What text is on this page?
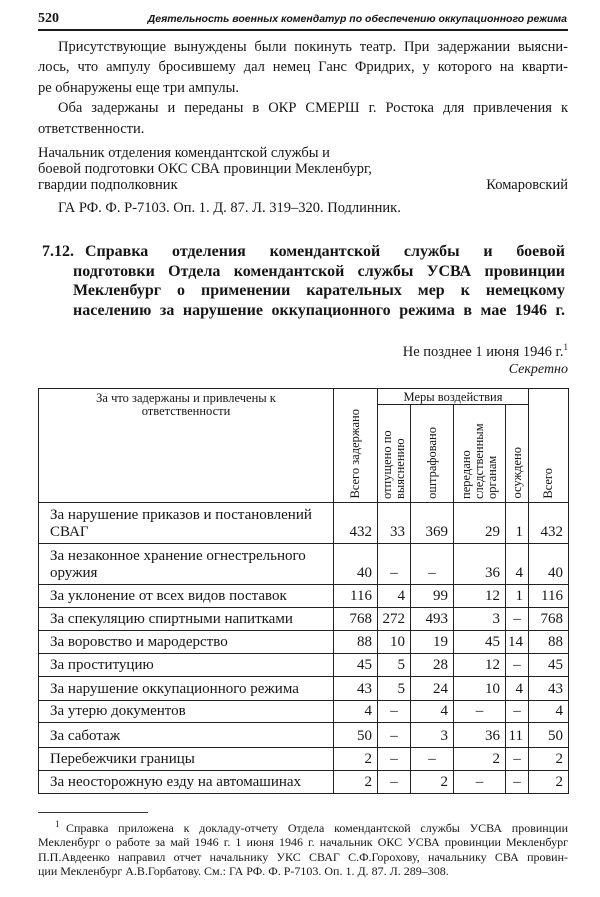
520	Деятельность военных комендатур по обеспечению оккупационного режима
Присутствующие вынуждены были покинуть театр. При задержании выясни-
лось, что ампулу бросившему дал немец Ганс Фридрих, у которого на кварти-
ре обнаружены еще три ампулы.
Оба задержаны и переданы в ОКР СМЕРШ г. Ростока для привлечения к
ответственности.
Начальник отделения комендантской службы и
боевой подготовки ОКС СВА провинции Мекленбург,
гвардии подполковник	Комаровский
ГА РФ. Ф. Р-7103. Оп. 1. Д. 87. Л. 319–320. Подлинник.
7.12. Справка отделения комендантской службы и боевой
подготовки Отдела комендантской службы УСВА провинции
Мекленбург о применении карательных мер к немецкому
населению за нарушение оккупационного режима в мае 1946 г.
Не позднее 1 июня 1946 г.$^1$
Секретно
За что задержаны и привлечены к ответственности	Всего задержано	Меры воздействия				Всего
		отпущено по выяснению	оштрафовано	передано следственным органам	осуждено	
За нарушение приказов и постановлений СВАГ	432	33	369	29	1	432
За незаконное хранение огнестрельного оружия	40	–	–	36	4	40
За уклонение от всех видов поставок	116	4	99	12	1	116
За спекуляцию спиртными напитками	768	272	493	3	–	768
За воровство и мародерство	88	10	19	45	14	88
За проституцию	45	5	28	12	–	45
За нарушение оккупационного режима	43	5	24	10	4	43
За утерю документов	4	–	4	–	–	4
За саботаж	50	–	3	36	11	50
Перебежчики границы	2	–	–	2	–	2
За неосторожную езду на автомашинах	2	–	2	–	–	2
$^1$ Справка приложена к докладу-отчету Отдела комендантской службы УСВА провинции
Мекленбург о работе за май 1946 г. 1 июня 1946 г. начальник ОКС УСВА провинции Мекленбург
П.П.Авдеенко направил отчет начальнику УКС СВАГ С.Ф.Горохову, начальнику СВА провин-
ции Мекленбург А.В.Горбатову. См.: ГА РФ. Ф. Р-7103. Оп. 1. Д. 87. Л. 289–308.
